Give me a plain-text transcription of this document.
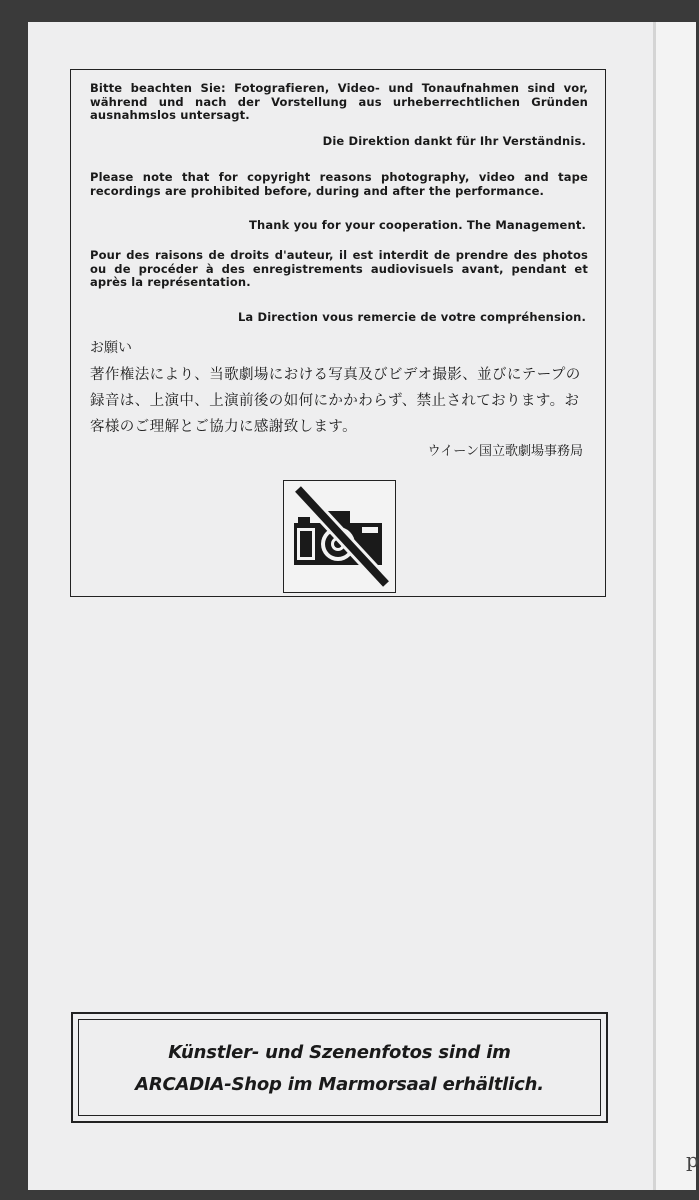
Bitte beachten Sie: Fotografieren, Video- und Tonaufnahmen sind vor, während und nach der Vorstellung aus urheberrechtlichen Gründen ausnahmslos untersagt.

Die Direktion dankt für Ihr Verständnis.

Please note that for copyright reasons photography, video and tape recordings are prohibited before, during and after the performance.

Thank you for your cooperation. The Management.

Pour des raisons de droits d'auteur, il est interdit de prendre des photos ou de procéder à des enregistrements audiovisuels avant, pendant et après la représentation.

La Direction vous remercie de votre compréhension.

お願い

著作権法により、当歌劇場における写真及びビデオ撮影、並びにテープの録音は、上演中、上演前後の如何にかかわらず、禁止されております。お客様のご理解とご協力に感謝致します。

ウイーン国立歌劇場事務局

Künstler- und Szenenfotos sind im

ARCADIA-Shop im Marmorsaal erhältlich.

p
